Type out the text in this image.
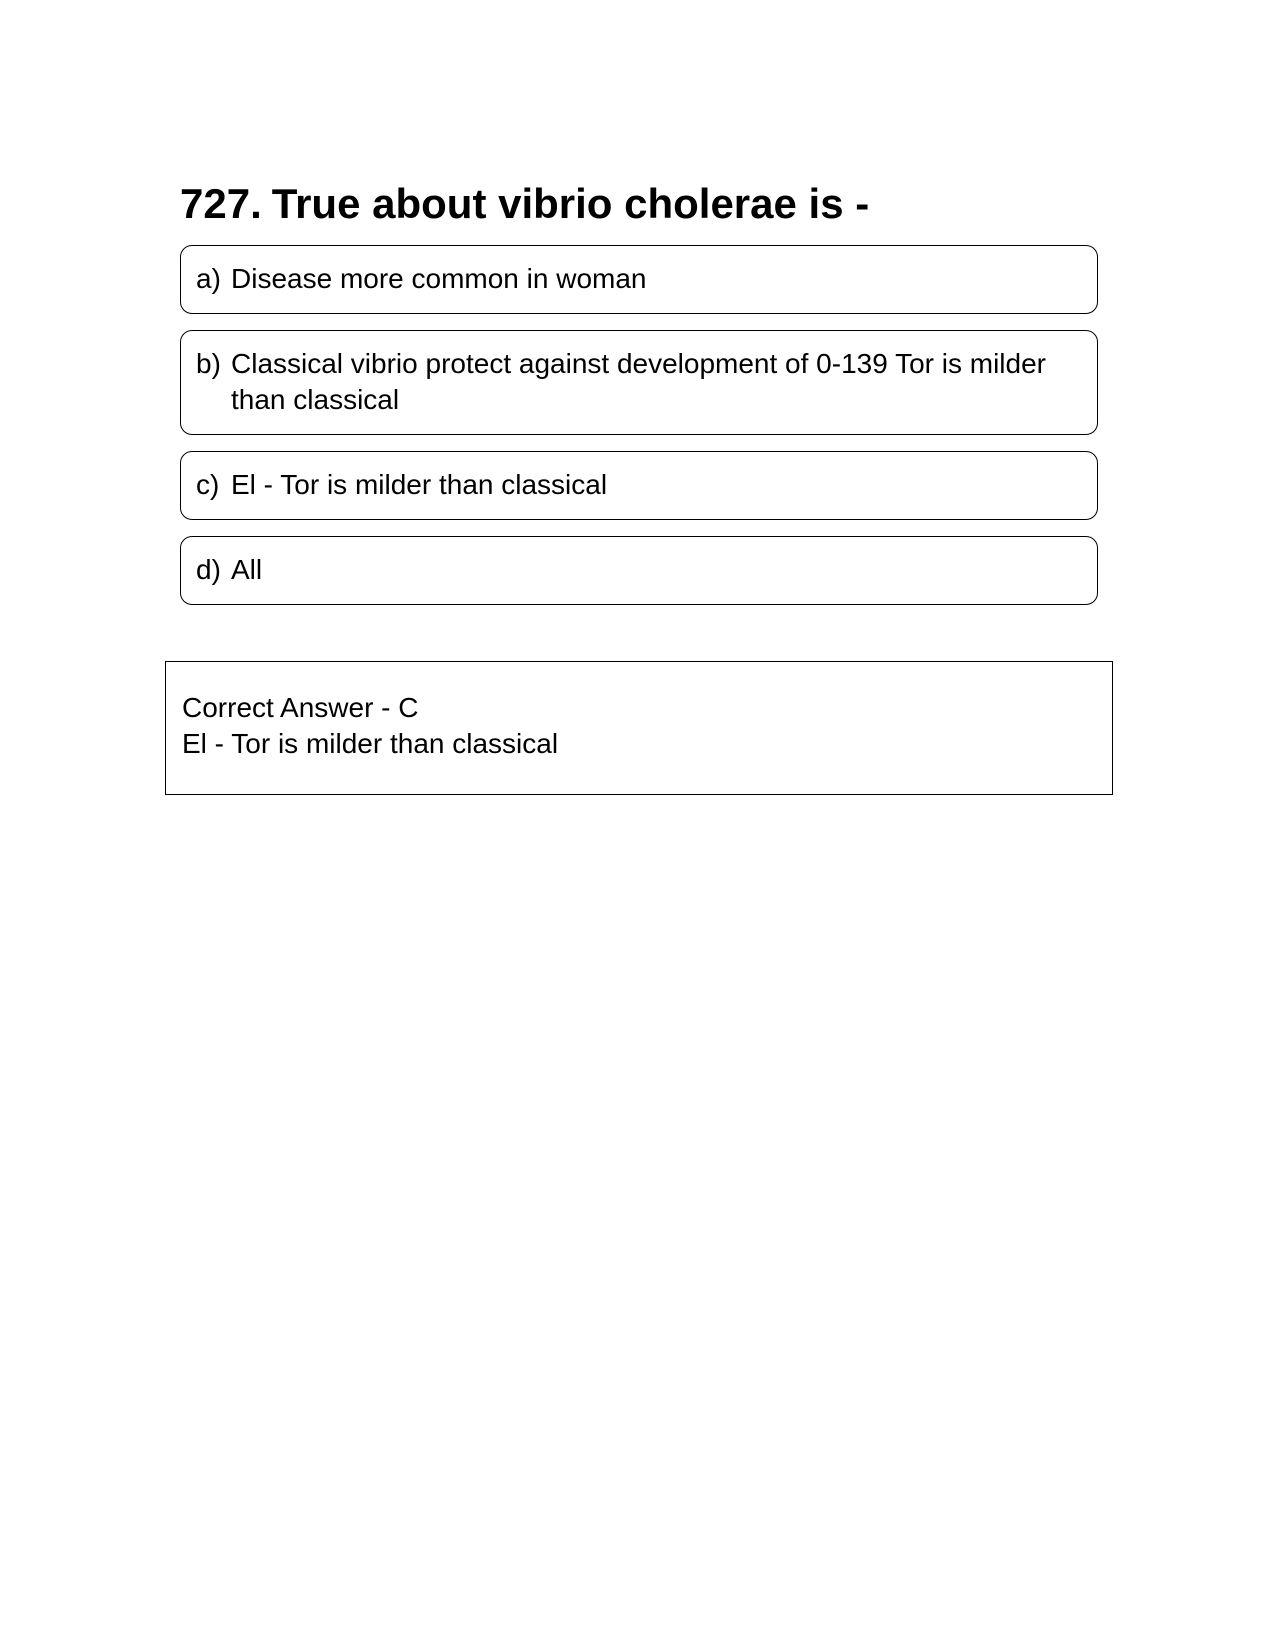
727. True about vibrio cholerae is -
a) Disease more common in woman
b) Classical vibrio protect against development of 0-139 Tor is milder than classical
c) El - Tor is milder than classical
d) All
Correct Answer - C
El - Tor is milder than classical
